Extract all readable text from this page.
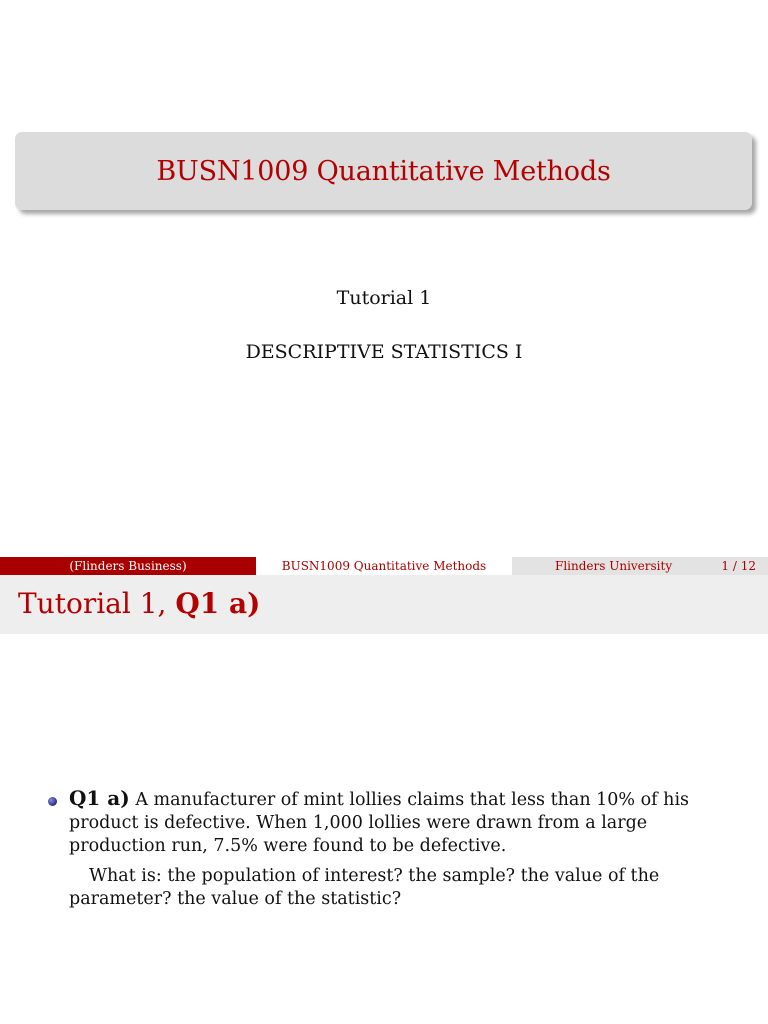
BUSN1009 Quantitative Methods
Tutorial 1
DESCRIPTIVE STATISTICS I
(Flinders Business)	BUSN1009 Quantitative Methods	Flinders University	1 / 12
Tutorial 1, Q1 a)
Q1 a) A manufacturer of mint lollies claims that less than 10% of his product is defective. When 1,000 lollies were drawn from a large production run, 7.5% were found to be defective.
What is: the population of interest? the sample? the value of the parameter? the value of the statistic?
